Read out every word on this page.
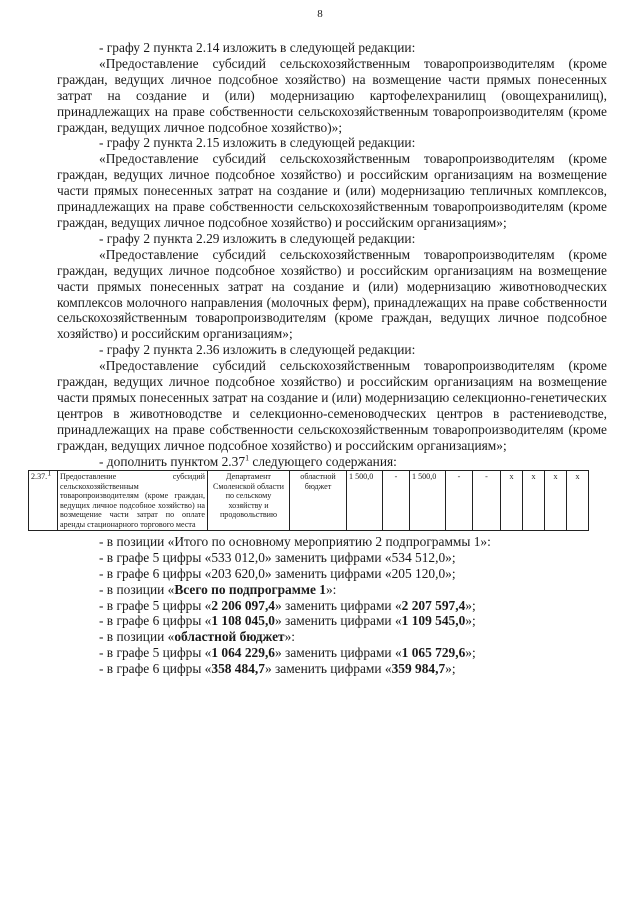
8

- графу 2 пункта 2.14 изложить в следующей редакции:

«Предоставление субсидий сельскохозяйственным товаропроизводителям (кроме граждан, ведущих личное подсобное хозяйство) на возмещение части прямых понесенных затрат на создание и (или) модернизацию картофелехранилищ (овощехранилищ), принадлежащих на праве собственности сельскохозяйственным товаропроизводителям (кроме граждан, ведущих личное подсобное хозяйство)»;

- графу 2 пункта 2.15 изложить в следующей редакции:

«Предоставление субсидий сельскохозяйственным товаропроизводителям (кроме граждан, ведущих личное подсобное хозяйство) и российским организациям на возмещение части прямых понесенных затрат на создание и (или) модернизацию тепличных комплексов, принадлежащих на праве собственности сельскохозяйственным товаропроизводителям (кроме граждан, ведущих личное подсобное хозяйство) и российским организациям»;

- графу 2 пункта 2.29 изложить в следующей редакции:

«Предоставление субсидий сельскохозяйственным товаропроизводителям (кроме граждан, ведущих личное подсобное хозяйство) и российским организациям на возмещение части прямых понесенных затрат на создание и (или) модернизацию животноводческих комплексов молочного направления (молочных ферм), принадлежащих на праве собственности сельскохозяйственным товаропроизводителям (кроме граждан, ведущих личное подсобное хозяйство) и российским организациям»;

- графу 2 пункта 2.36 изложить в следующей редакции:

«Предоставление субсидий сельскохозяйственным товаропроизводителям (кроме граждан, ведущих личное подсобное хозяйство) и российским организациям на возмещение части прямых понесенных затрат на создание и (или) модернизацию селекционно-генетических центров в животноводстве и селекционно-семеноводческих центров в растениеводстве, принадлежащих на праве собственности сельскохозяйственным товаропроизводителям (кроме граждан, ведущих личное подсобное хозяйство) и российским организациям»;

- дополнить пунктом 2.37$^1$ следующего содержания:

2.37.$^1$	Предоставление субсидий сельскохозяйственным товаропроизводителям (кроме граждан, ведущих личное подсобное хозяйство) на возмещение части затрат по оплате аренды стационарного торгового места	Департамент Смоленской области по сельскому хозяйству и продовольствию	областной бюджет	1 500,0	-	1 500,0	-	-	x	x	x	x

- в позиции «Итого по основному мероприятию 2 подпрограммы 1»:

- в графе 5 цифры «533 012,0» заменить цифрами «534 512,0»;

- в графе 6 цифры «203 620,0» заменить цифрами «205 120,0»;

- в позиции «Всего по подпрограмме 1»:

- в графе 5 цифры «2 206 097,4» заменить цифрами «2 207 597,4»;

- в графе 6 цифры «1 108 045,0» заменить цифрами «1 109 545,0»;

- в позиции «областной бюджет»:

- в графе 5 цифры «1 064 229,6» заменить цифрами «1 065 729,6»;

- в графе 6 цифры «358 484,7» заменить цифрами «359 984,7»;
